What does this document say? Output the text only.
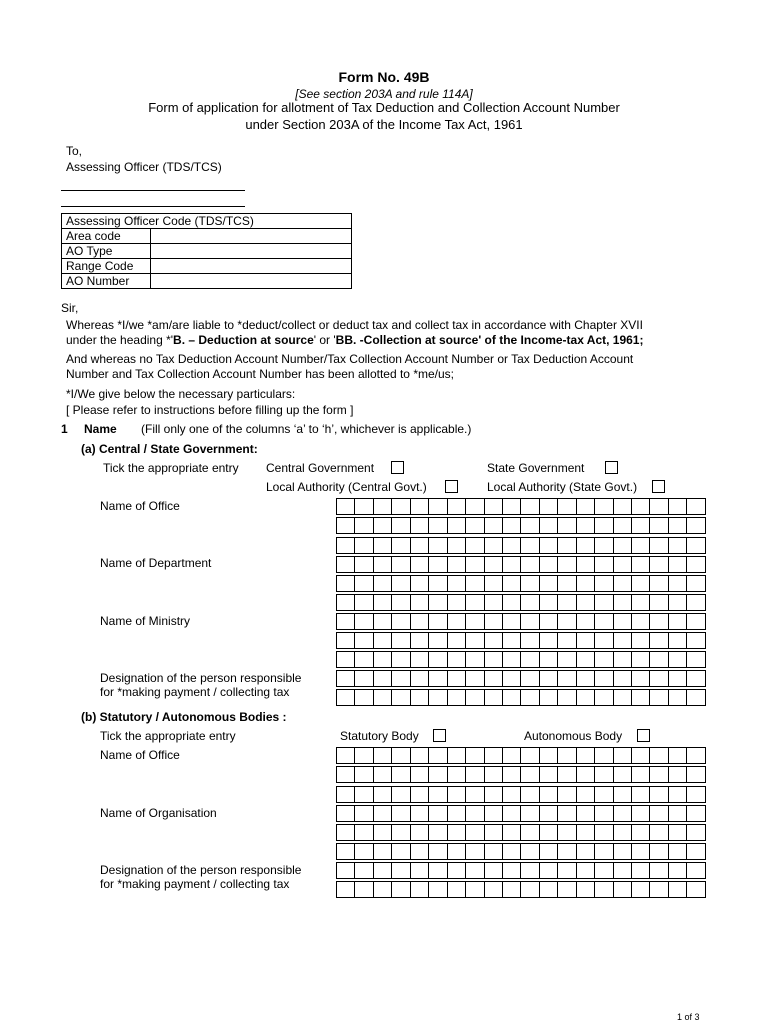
Form No. 49B
[See section 203A and rule 114A]
Form of application for allotment of Tax Deduction and Collection Account Number
under Section 203A of the Income Tax Act, 1961
To,
Assessing Officer (TDS/TCS)
Assessing Officer Code (TDS/TCS)	
Area code	
AO Type	
Range Code	
AO Number	
Sir,
Whereas *I/we *am/are liable to *deduct/collect or deduct tax and collect tax in accordance with Chapter XVII
under the heading *'B. – Deduction at source' or 'BB. -Collection at source' of the Income-tax Act, 1961;
And whereas no Tax Deduction Account Number/Tax Collection Account Number or Tax Deduction Account
Number and Tax Collection Account Number has been allotted to *me/us;
*I/We give below the necessary particulars:
[ Please refer to instructions before filling up the form ]
1 Name (Fill only one of the columns ‘a’ to ‘h’, whichever is applicable.)
(a) Central / State Government:
Tick the appropriate entry Central Government	State Government
Local Authority (Central Govt.)	Local Authority (State Govt.)
Name of Office
Name of Department
Name of Ministry
Designation of the person responsible
for *making payment / collecting tax
(b) Statutory / Autonomous Bodies :
Tick the appropriate entry	Statutory Body	Autonomous Body
Name of Office
Name of Organisation
Designation of the person responsible
for *making payment / collecting tax
1 of 3
